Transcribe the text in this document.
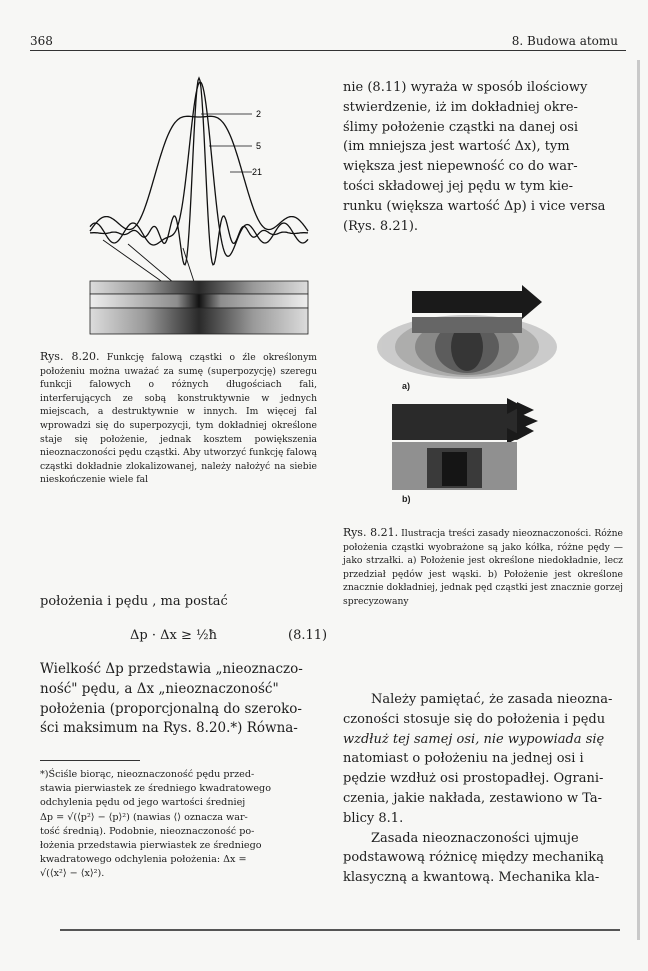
368	8. Budowa atomu
2
5
21
Rys. 8.20. Funkcję falową cząstki o źle określonym położeniu można uważać za sumę (superpozycję) szeregu funkcji falowych o różnych długościach fali, interferujących ze sobą konstruktywnie w jednych miejscach, a destruktywnie w innych. Im więcej fal wprowadzi się do superpozycji, tym dokładniej określone staje się położenie, jednak kosztem powiększenia nieoznaczoności pędu cząstki. Aby utworzyć funkcję falową cząstki dokładnie zlokalizowanej, należy nałożyć na siebie nieskończenie wiele fal
nie (8.11) wyraża w sposób ilościowy
stwierdzenie, iż im dokładniej okre-
ślimy położenie cząstki na danej osi
(im mniejsza jest wartość Δx), tym
większa jest niepewność co do war-
tości składowej jej pędu w tym kie-
runku (większa wartość Δp) i vice versa
(Rys. 8.21).
a)
b)
Rys. 8.21. Ilustracja treści zasady nieoznaczoności. Różne położenia cząstki wyobrażone są jako kółka, różne pędy — jako strzałki. a) Położenie jest określone niedokładnie, lecz przedział pędów jest wąski. b) Położenie jest określone znacznie dokładniej, jednak pęd cząstki jest znacznie gorzej sprecyzowany
położenia i pędu , ma postać
Δp · Δx ≥ ½ħ	(8.11)
Wielkość Δp przedstawia „nieoznaczo-
ność" pędu, a Δx „nieoznaczoność"
położenia (proporcjonalną do szeroko-
ści maksimum na Rys. 8.20.*) Równa-
*)Ściśle biorąc, nieoznaczoność pędu przed-
stawia pierwiastek ze średniego kwadratowego
odchylenia pędu od jego wartości średniej
Δp = √(⟨p²⟩ − ⟨p⟩²) (nawias ⟨⟩ oznacza war-
tość średnią). Podobnie, nieoznaczoność po-
łożenia przedstawia pierwiastek ze średniego
kwadratowego odchylenia położenia: Δx =
√(⟨x²⟩ − ⟨x⟩²).
Należy pamiętać, że zasada nieozna-
czoności stosuje się do położenia i pędu
wzdłuż tej samej osi, nie wypowiada się
natomiast o położeniu na jednej osi i
pędzie wzdłuż osi prostopadłej. Ograni-
czenia, jakie nakłada, zestawiono w Ta-
blicy 8.1.
Zasada nieoznaczoności ujmuje
podstawową różnicę między mechaniką
klasyczną a kwantową. Mechanika kla-
